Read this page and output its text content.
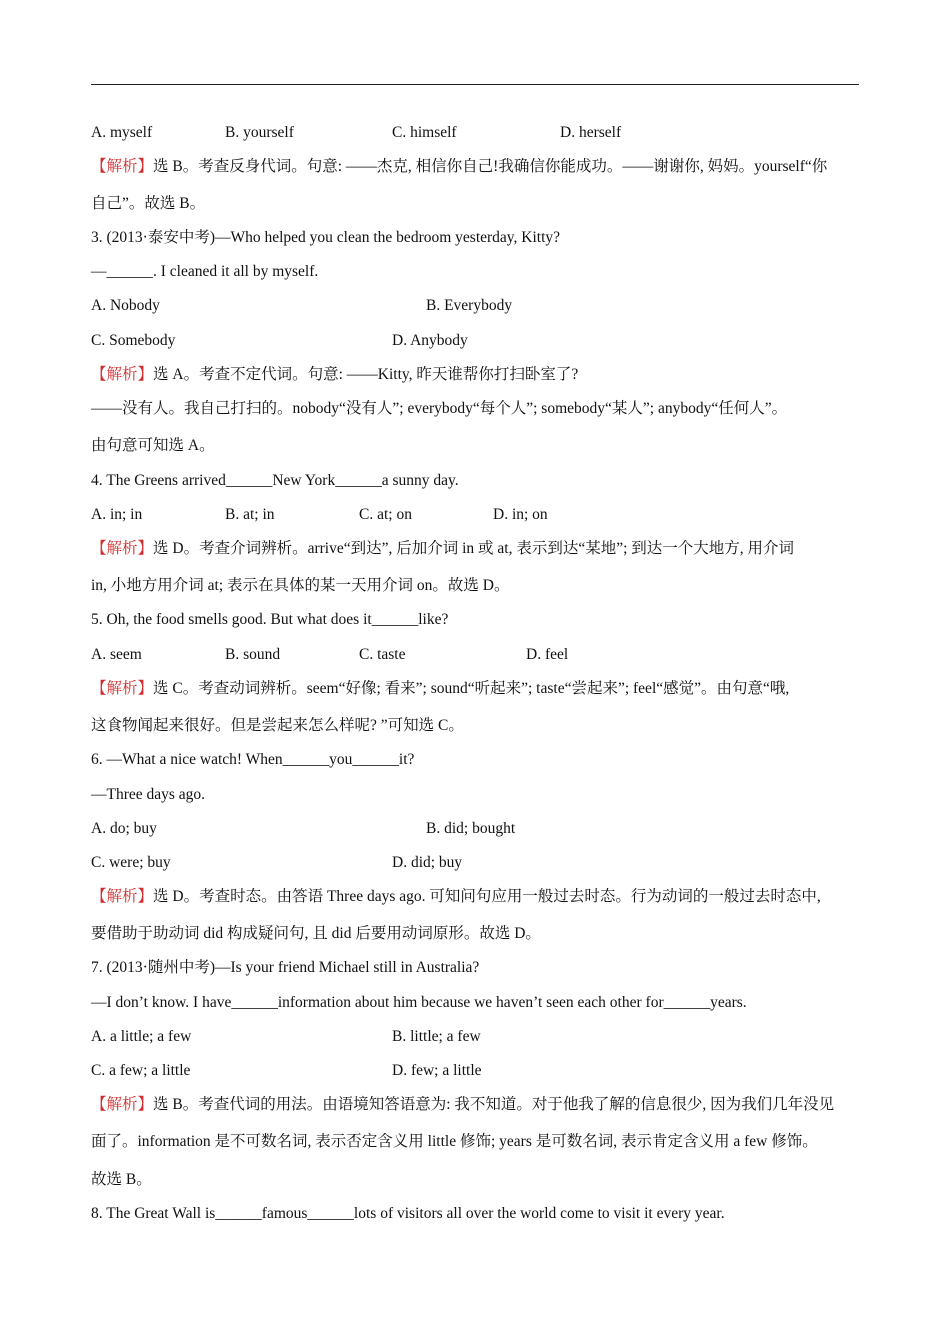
A. myself	B. yourself	C. himself	D. herself
【解析】选 B。考查反身代词。句意: ——杰克, 相信你自己!我确信你能成功。——谢谢你, 妈妈。yourself“你
自己”。故选 B。
3. (2013·泰安中考)—Who helped you clean the bedroom yesterday, Kitty?
—______. I cleaned it all by myself.
A. Nobody	B. Everybody
C. Somebody	D. Anybody
【解析】选 A。考查不定代词。句意: ——Kitty, 昨天谁帮你打扫卧室了?
——没有人。我自己打扫的。nobody“没有人”; everybody“每个人”; somebody“某人”; anybody“任何人”。
由句意可知选 A。
4. The Greens arrived______New York______a sunny day.
A. in; in	B. at; in	C. at; on	D. in; on
【解析】选 D。考查介词辨析。arrive“到达”, 后加介词 in 或 at, 表示到达“某地”; 到达一个大地方, 用介词
in, 小地方用介词 at; 表示在具体的某一天用介词 on。故选 D。
5. Oh, the food smells good. But what does it______like?
A. seem	B. sound	C. taste	D. feel
【解析】选 C。考查动词辨析。seem“好像; 看来”; sound“听起来”; taste“尝起来”; feel“感觉”。由句意“哦,
这食物闻起来很好。但是尝起来怎么样呢? ”可知选 C。
6. —What a nice watch! When______you______it?
—Three days ago.
A. do; buy	B. did; bought
C. were; buy	D. did; buy
【解析】选 D。考查时态。由答语 Three days ago. 可知问句应用一般过去时态。行为动词的一般过去时态中,
要借助于助动词 did 构成疑问句, 且 did 后要用动词原形。故选 D。
7. (2013·随州中考)—Is your friend Michael still in Australia?
—I don’t know. I have______information about him because we haven’t seen each other for______years.
A. a little; a few	B. little; a few
C. a few; a little	D. few; a little
【解析】选 B。考查代词的用法。由语境知答语意为: 我不知道。对于他我了解的信息很少, 因为我们几年没见
面了。information 是不可数名词, 表示否定含义用 little 修饰; years 是可数名词, 表示肯定含义用 a few 修饰。
故选 B。
8. The Great Wall is______famous______lots of visitors all over the world come to visit it every year.
